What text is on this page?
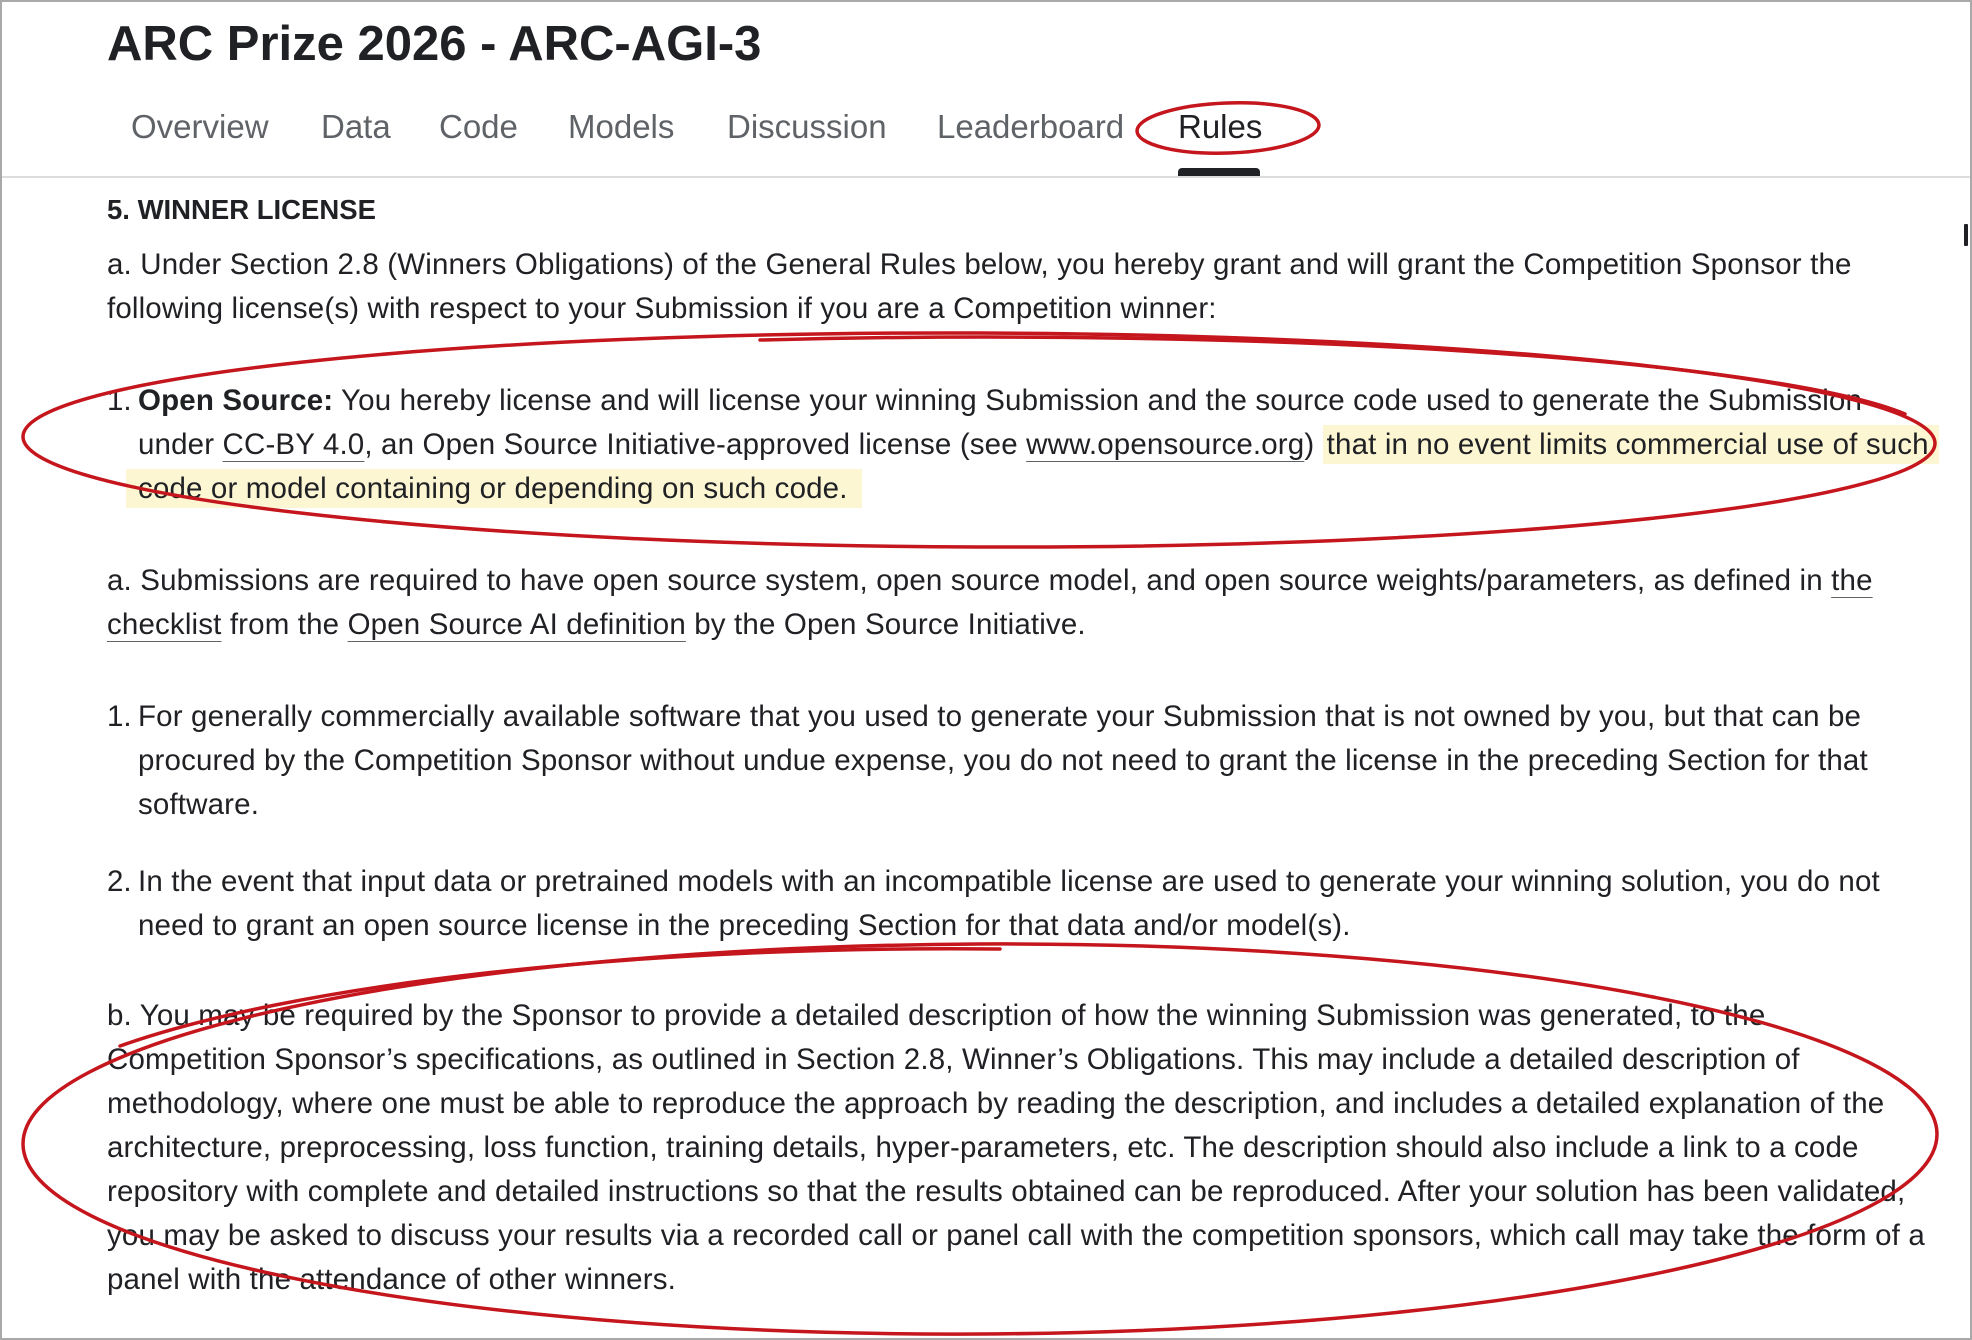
ARC Prize 2026 - ARC-AGI-3
Overview Data Code Models Discussion Leaderboard Rules
5. WINNER LICENSE
a. Under Section 2.8 (Winners Obligations) of the General Rules below, you hereby grant and will grant the Competition Sponsor the
following license(s) with respect to your Submission if you are a Competition winner:
1. Open Source: You hereby license and will license your winning Submission and the source code used to generate the Submission
under CC-BY 4.0, an Open Source Initiative-approved license (see www.opensource.org) that in no event limits commercial use of such
code or model containing or depending on such code.
a. Submissions are required to have open source system, open source model, and open source weights/parameters, as defined in the
checklist from the Open Source AI definition by the Open Source Initiative.
1. For generally commercially available software that you used to generate your Submission that is not owned by you, but that can be
procured by the Competition Sponsor without undue expense, you do not need to grant the license in the preceding Section for that
software.
2. In the event that input data or pretrained models with an incompatible license are used to generate your winning solution, you do not
need to grant an open source license in the preceding Section for that data and/or model(s).
b. You may be required by the Sponsor to provide a detailed description of how the winning Submission was generated, to the
Competition Sponsor’s specifications, as outlined in Section 2.8, Winner’s Obligations. This may include a detailed description of
methodology, where one must be able to reproduce the approach by reading the description, and includes a detailed explanation of the
architecture, preprocessing, loss function, training details, hyper-parameters, etc. The description should also include a link to a code
repository with complete and detailed instructions so that the results obtained can be reproduced. After your solution has been validated,
you may be asked to discuss your results via a recorded call or panel call with the competition sponsors, which call may take the form of a
panel with the attendance of other winners.
